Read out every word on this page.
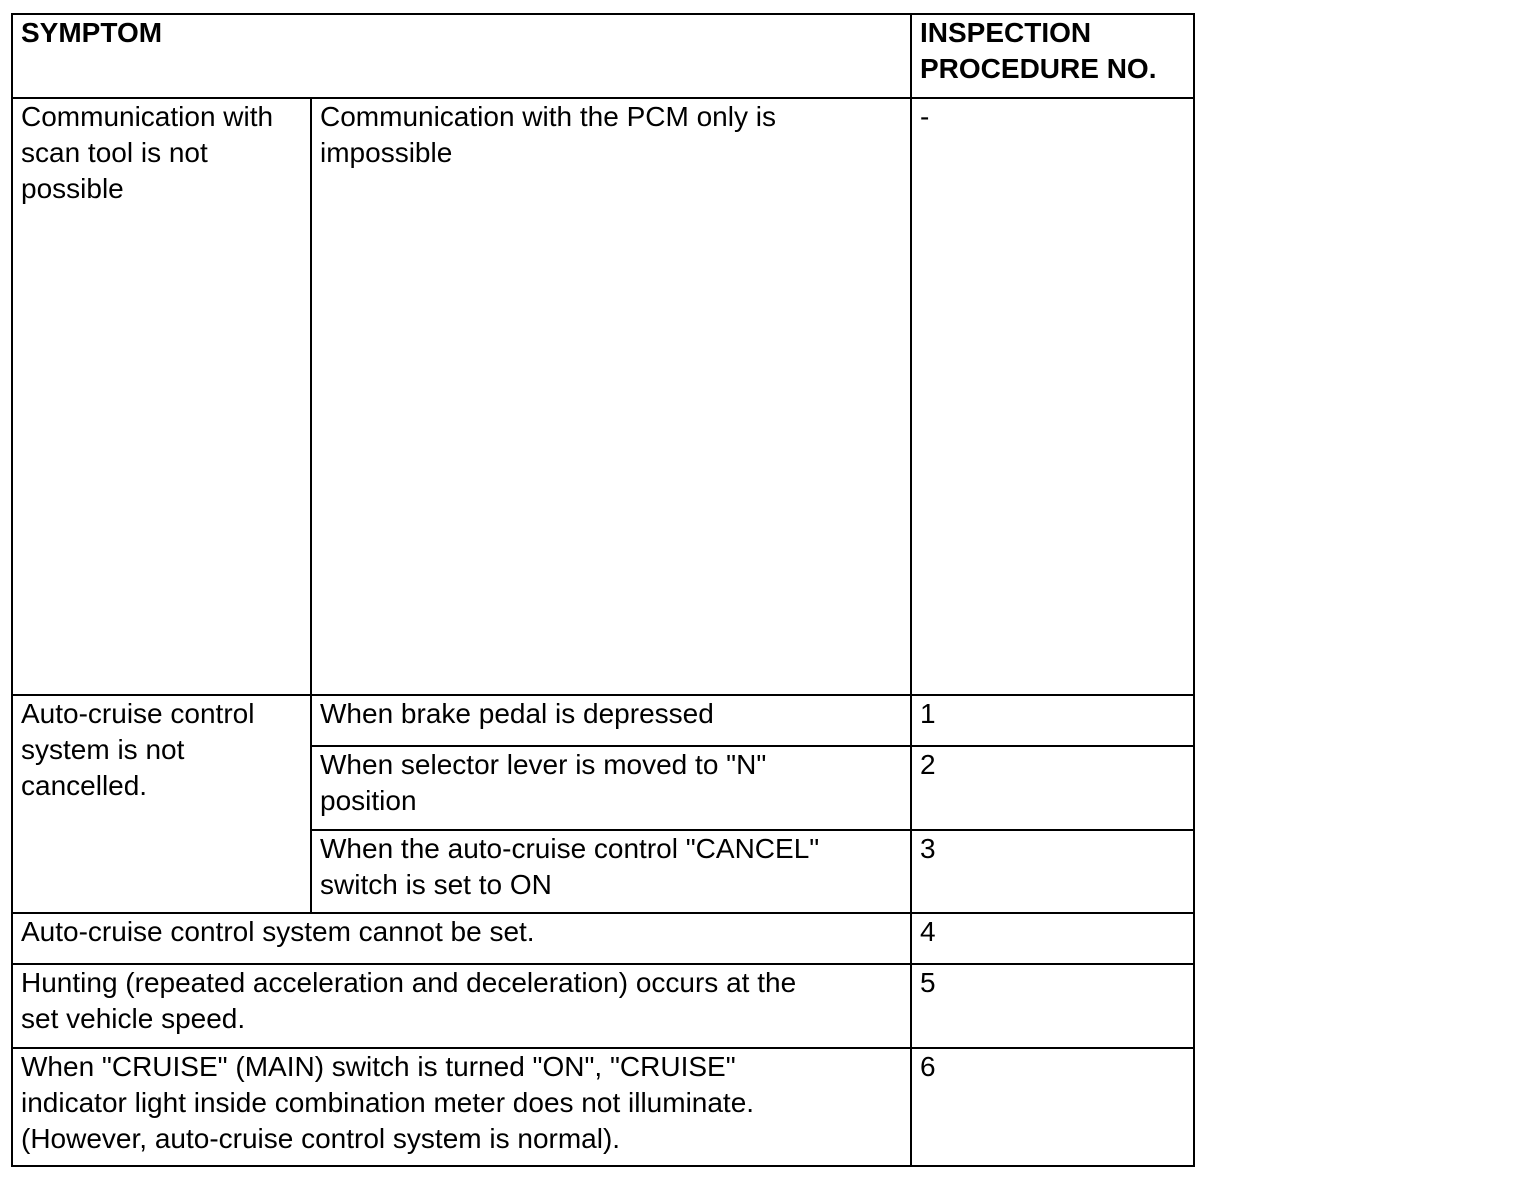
SYMPTOM		INSPECTION
PROCEDURE NO.

Communication with
scan tool is not
possible	Communication with the PCM only is
impossible	-

Auto-cruise control
system is not
cancelled.	When brake pedal is depressed	1

	When selector lever is moved to "N"
position	2

	When the auto-cruise control "CANCEL"
switch is set to ON	3

Auto-cruise control system cannot be set.		4

Hunting (repeated acceleration and deceleration) occurs at the
set vehicle speed.		5

When "CRUISE" (MAIN) switch is turned "ON", "CRUISE"
indicator light inside combination meter does not illuminate.
(However, auto-cruise control system is normal).		6
